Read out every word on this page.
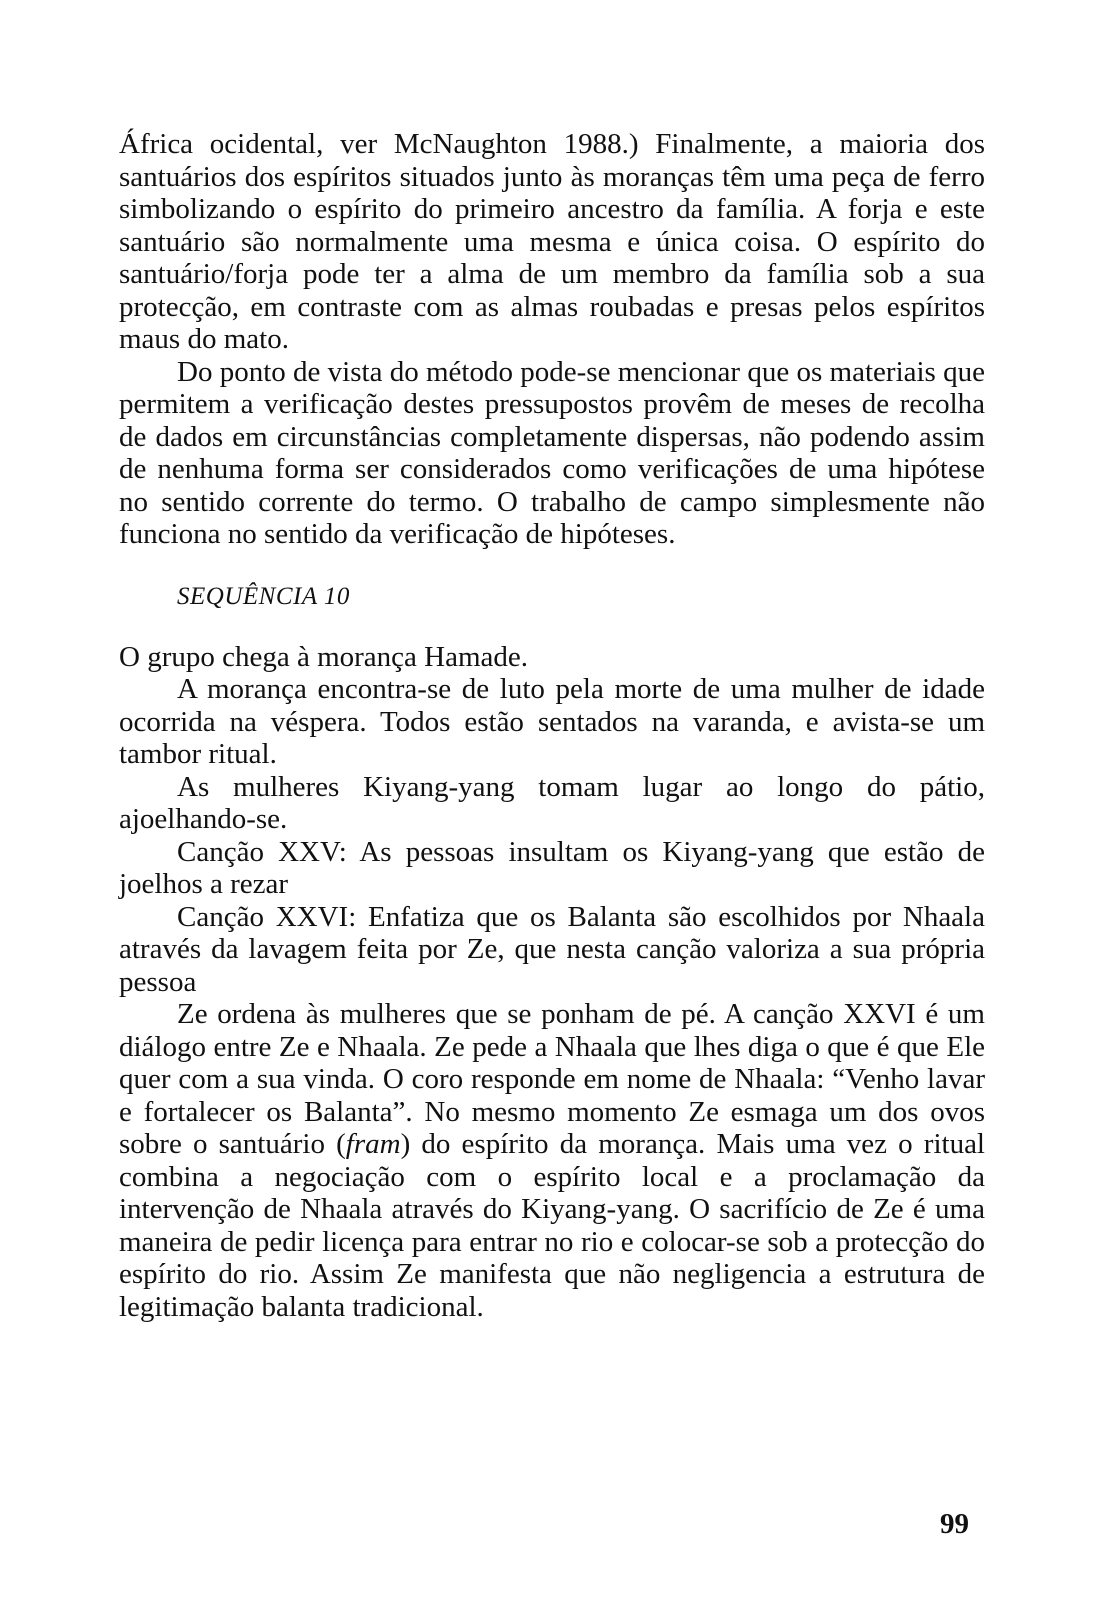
África ocidental, ver McNaughton 1988.) Finalmente, a maioria dos santuários dos espíritos situados junto às moranças têm uma peça de ferro simbolizando o espírito do primeiro ancestro da família. A forja e este santuário são normalmente uma mesma e única coisa. O espírito do santuário/forja pode ter a alma de um membro da família sob a sua protecção, em contraste com as almas roubadas e presas pelos espíritos maus do mato.

Do ponto de vista do método pode-se mencionar que os materiais que permitem a verificação destes pressupostos provêm de meses de recolha de dados em circunstâncias completamente dispersas, não podendo assim de nenhuma forma ser considerados como verificações de uma hipótese no sentido corrente do termo. O trabalho de campo simplesmente não funciona no sentido da verificação de hipóteses.

SEQUÊNCIA 10

O grupo chega à morança Hamade.

A morança encontra-se de luto pela morte de uma mulher de idade ocorrida na véspera. Todos estão sentados na varanda, e avista-se um tambor ritual.

As mulheres Kiyang-yang tomam lugar ao longo do pátio, ajoelhando-se.

Canção XXV: As pessoas insultam os Kiyang-yang que estão de joelhos a rezar

Canção XXVI: Enfatiza que os Balanta são escolhidos por Nhaala através da lavagem feita por Ze, que nesta canção valoriza a sua própria pessoa

Ze ordena às mulheres que se ponham de pé. A canção XXVI é um diálogo entre Ze e Nhaala. Ze pede a Nhaala que lhes diga o que é que Ele quer com a sua vinda. O coro responde em nome de Nhaala: “Venho lavar e fortalecer os Balanta”. No mesmo momento Ze esmaga um dos ovos sobre o santuário (fram) do espírito da morança. Mais uma vez o ritual combina a negociação com o espírito local e a proclamação da intervenção de Nhaala através do Kiyang-yang. O sacrifício de Ze é uma maneira de pedir licença para entrar no rio e colocar-se sob a protecção do espírito do rio. Assim Ze manifesta que não negligencia a estrutura de legitimação balanta tradicional.

99
